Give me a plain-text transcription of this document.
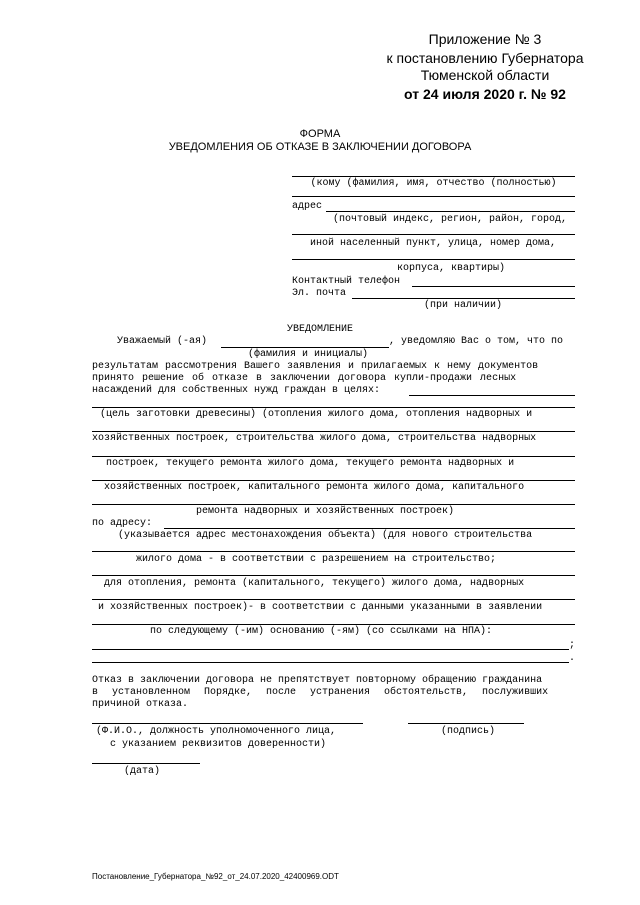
Приложение № 3
к постановлению Губернатора
Тюменской области
от 24 июля 2020 г. № 92
ФОРМА
УВЕДОМЛЕНИЯ ОБ ОТКАЗЕ В ЗАКЛЮЧЕНИИ ДОГОВОРА
(кому (фамилия, имя, отчество (полностью)
адрес
(почтовый индекс, регион, район, город,
иной населенный пункт, улица, номер дома,
корпуса, квартиры)
Контактный телефон
Эл. почта
(при наличии)
УВЕДОМЛЕНИЕ
Уважаемый (-ая)	, уведомляю Вас о том, что по
(фамилия и инициалы)
результатам рассмотрения Вашего заявления и прилагаемых к нему документов
принято решение об отказе в заключении договора купли-продажи лесных
насаждений для собственных нужд граждан в целях:
(цель заготовки древесины) (отопления жилого дома, отопления надворных и
хозяйственных построек, строительства жилого дома, строительства надворных
построек, текущего ремонта жилого дома, текущего ремонта надворных и
хозяйственных построек, капитального ремонта жилого дома, капитального
ремонта надворных и хозяйственных построек)
по адресу:
(указывается адрес местонахождения объекта) (для нового строительства
жилого дома - в соответствии с разрешением на строительство;
для отопления, ремонта (капитального, текущего) жилого дома, надворных
и хозяйственных построек)- в соответствии с данными указанными в заявлении
по следующему (-им) основанию (-ям) (со ссылками на НПА):
;
.
Отказ в заключении договора не препятствует повторному обращению гражданина
в установленном Порядке, после устранения обстоятельств, послуживших
причиной отказа.
(Ф.И.О., должность уполномоченного лица,	(подпись)
с указанием реквизитов доверенности)
(дата)
Постановление_Губернатора_№92_от_24.07.2020_42400969.ODT
